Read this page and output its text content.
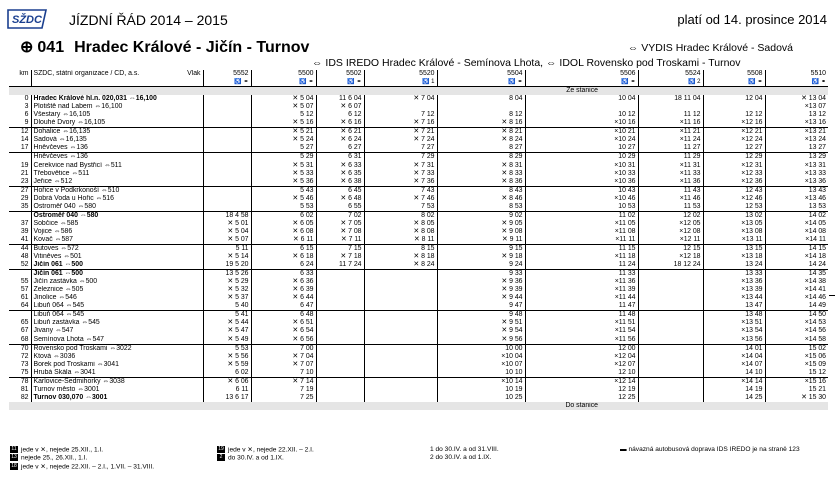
SŽDC JÍZDNÍ ŘÁD 2014 – 2015	platí od 14. prosince 2014
⊕ 041 Hradec Králové - Jičín - Turnov	⇔ VYDIS Hradec Králové - Sadová
⇔ IDS IREDO Hradec Králové - Semínova Lhota, ⇔ IDOL Rovensko pod Troskami - Turnov
km	SŽDC, státní organizace / ČD, a.s. Vlak	5552	5500	5502	5520	5504	5506	5524	5508	5510
		♿ ⚭	♿ ⚭	♿ ⚭	♿ 1	♿ ⚭	♿ ⚭	♿ 2	♿ ⚭	♿ ⚭
Ze stanice										
0	Hradec Králové hl.n. 020,031 ⇔16,100		✕ 5 04	11 6 04	✕ 7 04	8 04	10 04	18 11 04	12 04	✕ 13 04
3	Plotiště nad Labem ⇔16,100		✕ 5 07	✕ 6 07						×13 07
6	Všestary ⇔16,105		5 12	6 12	7 12	8 12	10 12	11 12	12 12	13 12
9	Dlouhé Dvory ⇔16,105		✕ 5 16	✕ 6 16	✕ 7 16	✕ 8 16	×10 16	×11 16	×12 16	×13 16
12	Dohalice ⇔16,135		✕ 5 21	✕ 6 21	✕ 7 21	✕ 8 21	×10 21	×11 21	×12 21	×13 21
14	Sadová ⇔16,135		✕ 5 24	✕ 6 24	✕ 7 24	✕ 8 24	×10 24	×11 24	×12 24	×13 24
17	Hněvčeves ⇔136		5 27	6 27	7 27	8 27	10 27	11 27	12 27	13 27
	Hněvčeves ⇔136		5 29	6 31	7 29	8 29	10 29	11 29	12 29	13 29
19	Cerekvice nad Bystřicí ⇔511		✕ 5 31	✕ 6 33	✕ 7 31	✕ 8 31	×10 31	×11 31	×12 31	×13 31
21	Třebovětice ⇔511		✕ 5 33	✕ 6 35	✕ 7 33	✕ 8 33	×10 33	×11 33	×12 33	×13 33
23	Jeřice ⇔512		✕ 5 36	✕ 6 38	✕ 7 36	✕ 8 36	×10 36	×11 36	×12 36	×13 36
27	Hořice v Podkrkonoší ⇔510		5 43	6 45	7 43	8 43	10 43	11 43	12 43	13 43
29	Dobrá Voda u Hořic ⇔516		✕ 5 46	✕ 6 48	✕ 7 46	✕ 8 46	×10 46	×11 46	×12 46	×13 46
35	Ostroměř 040 ⇔580		5 53	6 55	7 53	8 53	10 53	11 53	12 53	13 53
	Ostroměř 040 ⇔580	18 4 58	6 02	7 02	8 02	9 02	11 02	12 02	13 02	14 02
37	Sobčice ⇔585	✕ 5 01	✕ 6 05	✕ 7 05	✕ 8 05	✕ 9 05	×11 05	×12 05	×13 05	×14 05
39	Vojice ⇔586	✕ 5 04	✕ 6 08	✕ 7 08	✕ 8 08	✕ 9 08	×11 08	×12 08	×13 08	×14 08
41	Kovač ⇔587	✕ 5 07	✕ 6 11	✕ 7 11	✕ 8 11	✕ 9 11	×11 11	×12 11	×13 11	×14 11
44	Butoves ⇔572	5 11	6 15	7 15	8 15	9 15	11 15	12 15	13 15	14 15
48	Vitiněves ⇔501	✕ 5 14	✕ 6 18	✕ 7 18	✕ 8 18	✕ 9 18	×11 18	×12 18	×13 18	×14 18
52	Jičín 061 ⇔500	19 5 20	6 24	11 7 24	✕ 8 24	9 24	11 24	18 12 24	13 24	14 24
	Jičín 061 ⇔500	13 5 26	6 33			9 33	11 33		13 33	14 35
55	Jičín zastávka ⇔500	✕ 5 29	✕ 6 36			✕ 9 36	×11 36		×13 36	×14 38
57	Železnice ⇔505	✕ 5 32	✕ 6 39			✕ 9 39	×11 39		×13 39	×14 41
61	Jinolice ⇔546	✕ 5 37	✕ 6 44			✕ 9 44	×11 44		×13 44	×14 46
64	Libuň 064 ⇔545	5 40	6 47			9 47	11 47		13 47	14 49
	Libuň 064 ⇔545	5 41	6 48			9 48	11 48		13 48	14 50
65	Libuň zastávka ⇔545	✕ 5 44	✕ 6 51			✕ 9 51	×11 51		×13 51	×14 53
67	Jivany ⇔547	✕ 5 47	✕ 6 54			✕ 9 54	×11 54		×13 54	×14 56
68	Semínova Lhota ⇔547	✕ 5 49	✕ 6 56			✕ 9 56	×11 56		×13 56	×14 58
70	Rovensko pod Troskami ⇔3022	5 53	7 00			10 00	12 00		14 01	15 02
72	Ktová ⇔3036	✕ 5 56	✕ 7 04			×10 04	×12 04		×14 04	×15 06
73	Borek pod Troskami ⇔3041	✕ 5 59	✕ 7 07			×10 07	×12 07		×14 07	×15 09
75	Hrubá Skála ⇔3041	6 02	7 10			10 10	12 10		14 10	15 12
78	Karlovice-Sedmihorky ⇔3038	✕ 6 06	✕ 7 14			×10 14	×12 14		×14 14	×15 16
81	Turnov město ⇔3001	6 11	7 19			10 19	12 19		14 19	15 21
82	Turnov 030,070 ⇔3001	13 6 17	7 25			10 25	12 25		14 25	✕ 15 30
Do stanice										
11 jede v ✕, nejede 25.XII., 1.I.
13 nejede 25., 26.XII., 1.I.
18 jede v ✕, nejede 22.XII. – 2.I., 1.VII. – 31.VIII.
19 jede v ✕, nejede 22.XII. – 2.I.
2 do 30.IV. a od 1.IX.
1 do 30.IV. a od 31.VIII.
2 do 30.IV. a od 1.IX.
▬ návazná autobusová doprava IDS IREDO je na straně 123
